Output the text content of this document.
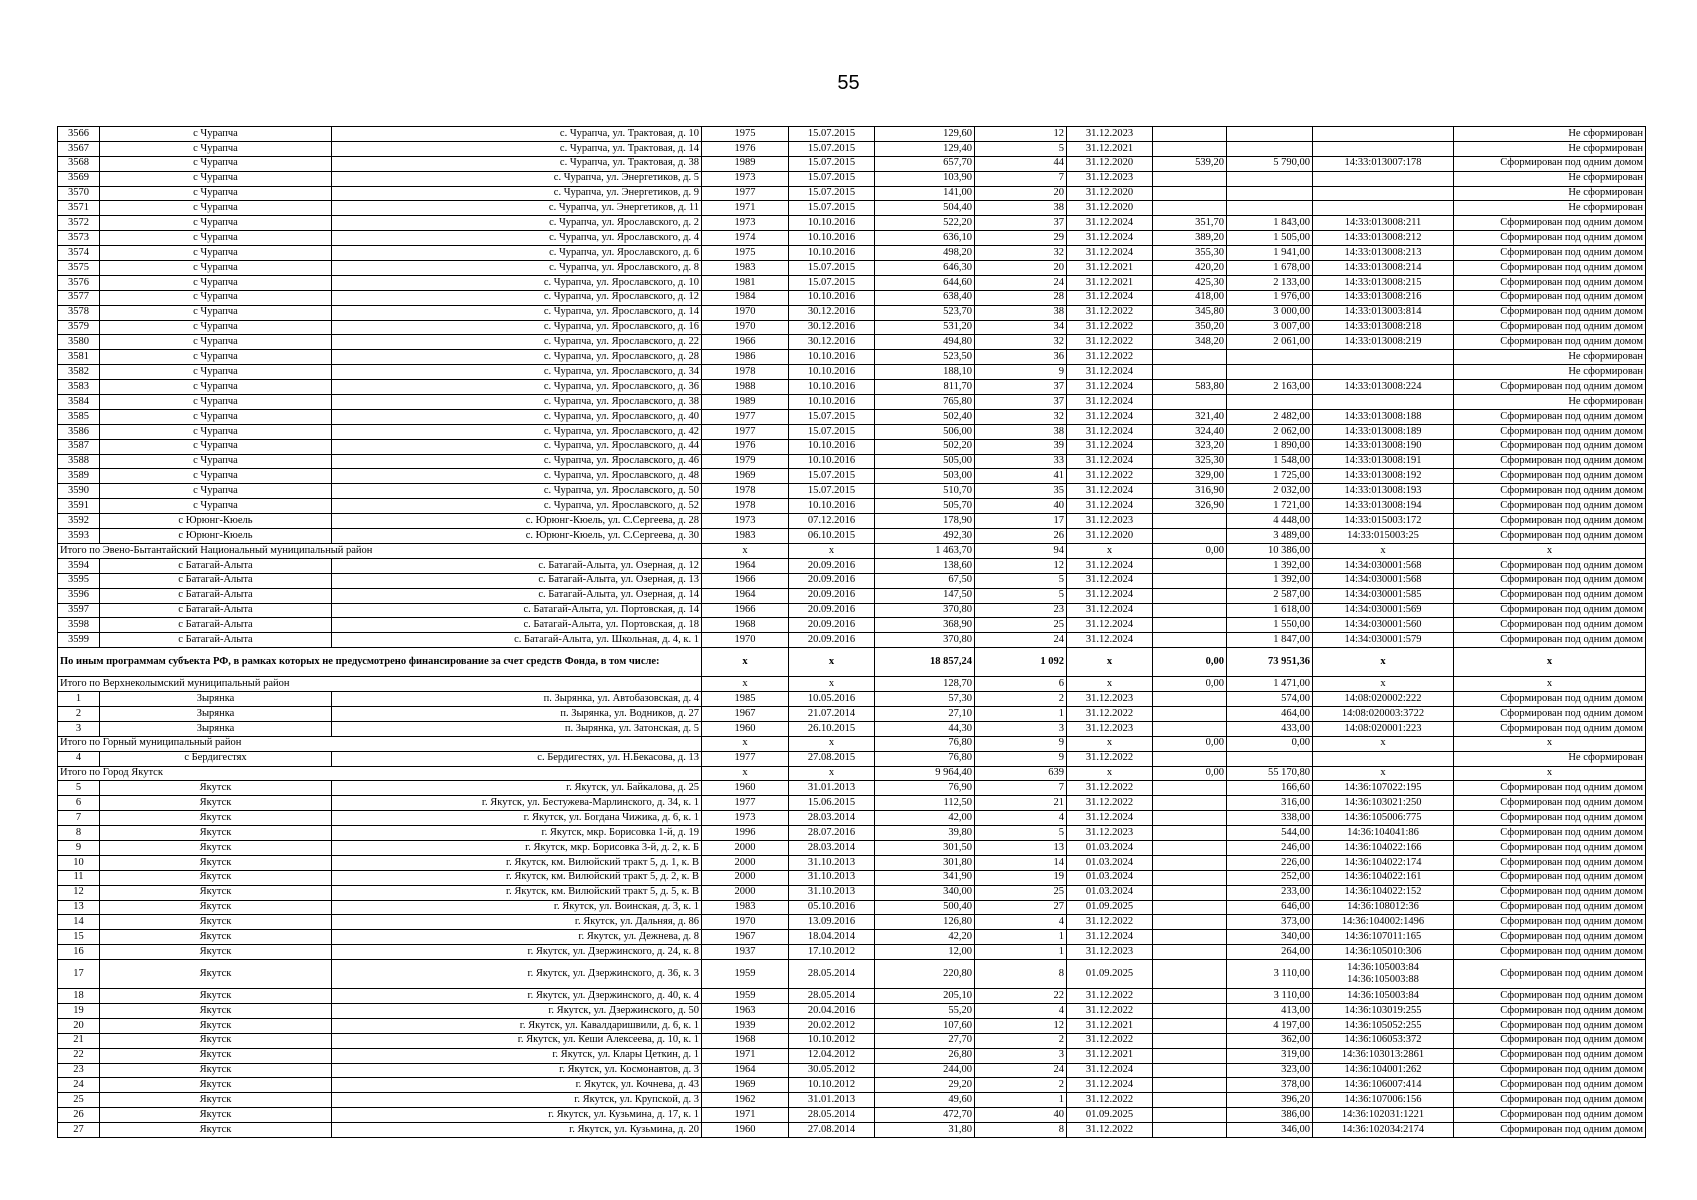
55
3566	с Чурапча	с. Чурапча, ул. Трактовая, д. 10	1975	15.07.2015	129,60	12	31.12.2023				Не сформирован
3567	с Чурапча	с. Чурапча, ул. Трактовая, д. 14	1976	15.07.2015	129,40	5	31.12.2021				Не сформирован
3568	с Чурапча	с. Чурапча, ул. Трактовая, д. 38	1989	15.07.2015	657,70	44	31.12.2020	539,20	5 790,00	14:33:013007:178	Сформирован под одним домом
3569	с Чурапча	с. Чурапча, ул. Энергетиков, д. 5	1973	15.07.2015	103,90	7	31.12.2023				Не сформирован
3570	с Чурапча	с. Чурапча, ул. Энергетиков, д. 9	1977	15.07.2015	141,00	20	31.12.2020				Не сформирован
3571	с Чурапча	с. Чурапча, ул. Энергетиков, д. 11	1971	15.07.2015	504,40	38	31.12.2020				Не сформирован
3572	с Чурапча	с. Чурапча, ул. Ярославского, д. 2	1973	10.10.2016	522,20	37	31.12.2024	351,70	1 843,00	14:33:013008:211	Сформирован под одним домом
3573	с Чурапча	с. Чурапча, ул. Ярославского, д. 4	1974	10.10.2016	636,10	29	31.12.2024	389,20	1 505,00	14:33:013008:212	Сформирован под одним домом
3574	с Чурапча	с. Чурапча, ул. Ярославского, д. 6	1975	10.10.2016	498,20	32	31.12.2024	355,30	1 941,00	14:33:013008:213	Сформирован под одним домом
3575	с Чурапча	с. Чурапча, ул. Ярославского, д. 8	1983	15.07.2015	646,30	20	31.12.2021	420,20	1 678,00	14:33:013008:214	Сформирован под одним домом
3576	с Чурапча	с. Чурапча, ул. Ярославского, д. 10	1981	15.07.2015	644,60	24	31.12.2021	425,30	2 133,00	14:33:013008:215	Сформирован под одним домом
3577	с Чурапча	с. Чурапча, ул. Ярославского, д. 12	1984	10.10.2016	638,40	28	31.12.2024	418,00	1 976,00	14:33:013008:216	Сформирован под одним домом
3578	с Чурапча	с. Чурапча, ул. Ярославского, д. 14	1970	30.12.2016	523,70	38	31.12.2022	345,80	3 000,00	14:33:013003:814	Сформирован под одним домом
3579	с Чурапча	с. Чурапча, ул. Ярославского, д. 16	1970	30.12.2016	531,20	34	31.12.2022	350,20	3 007,00	14:33:013008:218	Сформирован под одним домом
3580	с Чурапча	с. Чурапча, ул. Ярославского, д. 22	1966	30.12.2016	494,80	32	31.12.2022	348,20	2 061,00	14:33:013008:219	Сформирован под одним домом
3581	с Чурапча	с. Чурапча, ул. Ярославского, д. 28	1986	10.10.2016	523,50	36	31.12.2022				Не сформирован
3582	с Чурапча	с. Чурапча, ул. Ярославского, д. 34	1978	10.10.2016	188,10	9	31.12.2024				Не сформирован
3583	с Чурапча	с. Чурапча, ул. Ярославского, д. 36	1988	10.10.2016	811,70	37	31.12.2024	583,80	2 163,00	14:33:013008:224	Сформирован под одним домом
3584	с Чурапча	с. Чурапча, ул. Ярославского, д. 38	1989	10.10.2016	765,80	37	31.12.2024				Не сформирован
3585	с Чурапча	с. Чурапча, ул. Ярославского, д. 40	1977	15.07.2015	502,40	32	31.12.2024	321,40	2 482,00	14:33:013008:188	Сформирован под одним домом
3586	с Чурапча	с. Чурапча, ул. Ярославского, д. 42	1977	15.07.2015	506,00	38	31.12.2024	324,40	2 062,00	14:33:013008:189	Сформирован под одним домом
3587	с Чурапча	с. Чурапча, ул. Ярославского, д. 44	1976	10.10.2016	502,20	39	31.12.2024	323,20	1 890,00	14:33:013008:190	Сформирован под одним домом
3588	с Чурапча	с. Чурапча, ул. Ярославского, д. 46	1979	10.10.2016	505,00	33	31.12.2024	325,30	1 548,00	14:33:013008:191	Сформирован под одним домом
3589	с Чурапча	с. Чурапча, ул. Ярославского, д. 48	1969	15.07.2015	503,00	41	31.12.2022	329,00	1 725,00	14:33:013008:192	Сформирован под одним домом
3590	с Чурапча	с. Чурапча, ул. Ярославского, д. 50	1978	15.07.2015	510,70	35	31.12.2024	316,90	2 032,00	14:33:013008:193	Сформирован под одним домом
3591	с Чурапча	с. Чурапча, ул. Ярославского, д. 52	1978	10.10.2016	505,70	40	31.12.2024	326,90	1 721,00	14:33:013008:194	Сформирован под одним домом
3592	с Юрюнг-Кюель	с. Юрюнг-Кюель, ул. С.Сергеева, д. 28	1973	07.12.2016	178,90	17	31.12.2023		4 448,00	14:33:015003:172	Сформирован под одним домом
3593	с Юрюнг-Кюель	с. Юрюнг-Кюель, ул. С.Сергеева, д. 30	1983	06.10.2015	492,30	26	31.12.2020		3 489,00	14:33:015003:25	Сформирован под одним домом
Итого по Эвено-Бытантайский Национальный муниципальный район			x	x	1 463,70	94	x	0,00	10 386,00	x	x
3594	с Батагай-Алыта	с. Батагай-Алыта, ул. Озерная, д. 12	1964	20.09.2016	138,60	12	31.12.2024		1 392,00	14:34:030001:568	Сформирован под одним домом
3595	с Батагай-Алыта	с. Батагай-Алыта, ул. Озерная, д. 13	1966	20.09.2016	67,50	5	31.12.2024		1 392,00	14:34:030001:568	Сформирован под одним домом
3596	с Батагай-Алыта	с. Батагай-Алыта, ул. Озерная, д. 14	1964	20.09.2016	147,50	5	31.12.2024		2 587,00	14:34:030001:585	Сформирован под одним домом
3597	с Батагай-Алыта	с. Батагай-Алыта, ул. Портовская, д. 14	1966	20.09.2016	370,80	23	31.12.2024		1 618,00	14:34:030001:569	Сформирован под одним домом
3598	с Батагай-Алыта	с. Батагай-Алыта, ул. Портовская, д. 18	1968	20.09.2016	368,90	25	31.12.2024		1 550,00	14:34:030001:560	Сформирован под одним домом
3599	с Батагай-Алыта	с. Батагай-Алыта, ул. Школьная, д. 4, к. 1	1970	20.09.2016	370,80	24	31.12.2024		1 847,00	14:34:030001:579	Сформирован под одним домом
По иным программам субъекта РФ, в рамках которых не предусмотрено финансирование за счет средств Фонда, в том числе:			x	x	18 857,24	1 092	x	0,00	73 951,36	x	x
Итого по Верхнеколымский муниципальный район			x	x	128,70	6	x	0,00	1 471,00	x	x
1	Зырянка	п. Зырянка, ул. Автобазовская, д. 4	1985	10.05.2016	57,30	2	31.12.2023		574,00	14:08:020002:222	Сформирован под одним домом
2	Зырянка	п. Зырянка, ул. Водников, д. 27	1967	21.07.2014	27,10	1	31.12.2022		464,00	14:08:020003:3722	Сформирован под одним домом
3	Зырянка	п. Зырянка, ул. Затонская, д. 5	1960	26.10.2015	44,30	3	31.12.2023		433,00	14:08:020001:223	Сформирован под одним домом
Итого по Горный муниципальный район			x	x	76,80	9	x	0,00	0,00	x	x
4	с Бердигестях	с. Бердигестях, ул. Н.Бекасова, д. 13	1977	27.08.2015	76,80	9	31.12.2022				Не сформирован
Итого по Город Якутск			x	x	9 964,40	639	x	0,00	55 170,80	x	x
5	Якутск	г. Якутск, ул. Байкалова, д. 25	1960	31.01.2013	76,90	7	31.12.2022		166,60	14:36:107022:195	Сформирован под одним домом
6	Якутск	г. Якутск, ул. Бестужева-Марлинского, д. 34, к. 1	1977	15.06.2015	112,50	21	31.12.2022		316,00	14:36:103021:250	Сформирован под одним домом
7	Якутск	г. Якутск, ул. Богдана Чижика, д. 6, к. 1	1973	28.03.2014	42,00	4	31.12.2024		338,00	14:36:105006:775	Сформирован под одним домом
8	Якутск	г. Якутск, мкр. Борисовка 1-й, д. 19	1996	28.07.2016	39,80	5	31.12.2023		544,00	14:36:104041:86	Сформирован под одним домом
9	Якутск	г. Якутск, мкр. Борисовка 3-й, д. 2, к. Б	2000	28.03.2014	301,50	13	01.03.2024		246,00	14:36:104022:166	Сформирован под одним домом
10	Якутск	г. Якутск, км. Вилюйский тракт 5, д. 1, к. В	2000	31.10.2013	301,80	14	01.03.2024		226,00	14:36:104022:174	Сформирован под одним домом
11	Якутск	г. Якутск, км. Вилюйский тракт 5, д. 2, к. В	2000	31.10.2013	341,90	19	01.03.2024		252,00	14:36:104022:161	Сформирован под одним домом
12	Якутск	г. Якутск, км. Вилюйский тракт 5, д. 5, к. В	2000	31.10.2013	340,00	25	01.03.2024		233,00	14:36:104022:152	Сформирован под одним домом
13	Якутск	г. Якутск, ул. Воинская, д. 3, к. 1	1983	05.10.2016	500,40	27	01.09.2025		646,00	14:36:108012:36	Сформирован под одним домом
14	Якутск	г. Якутск, ул. Дальняя, д. 86	1970	13.09.2016	126,80	4	31.12.2022		373,00	14:36:104002:1496	Сформирован под одним домом
15	Якутск	г. Якутск, ул. Дежнева, д. 8	1967	18.04.2014	42,20	1	31.12.2024		340,00	14:36:107011:165	Сформирован под одним домом
16	Якутск	г. Якутск, ул. Дзержинского, д. 24, к. 8	1937	17.10.2012	12,00	1	31.12.2023		264,00	14:36:105010:306	Сформирован под одним домом
17	Якутск	г. Якутск, ул. Дзержинского, д. 36, к. 3	1959	28.05.2014	220,80	8	01.09.2025		3 110,00	14:36:105003:84
14:36:105003:88	Сформирован под одним домом
18	Якутск	г. Якутск, ул. Дзержинского, д. 40, к. 4	1959	28.05.2014	205,10	22	31.12.2022		3 110,00	14:36:105003:84	Сформирован под одним домом
19	Якутск	г. Якутск, ул. Дзержинского, д. 50	1963	20.04.2016	55,20	4	31.12.2022		413,00	14:36:103019:255	Сформирован под одним домом
20	Якутск	г. Якутск, ул. Кавалдаришвили, д. 6, к. 1	1939	20.02.2012	107,60	12	31.12.2021		4 197,00	14:36:105052:255	Сформирован под одним домом
21	Якутск	г. Якутск, ул. Кеши Алексеева, д. 10, к. 1	1968	10.10.2012	27,70	2	31.12.2022		362,00	14:36:106053:372	Сформирован под одним домом
22	Якутск	г. Якутск, ул. Клары Цеткин, д. 1	1971	12.04.2012	26,80	3	31.12.2021		319,00	14:36:103013:2861	Сформирован под одним домом
23	Якутск	г. Якутск, ул. Космонавтов, д. 3	1964	30.05.2012	244,00	24	31.12.2024		323,00	14:36:104001:262	Сформирован под одним домом
24	Якутск	г. Якутск, ул. Кочнева, д. 43	1969	10.10.2012	29,20	2	31.12.2024		378,00	14:36:106007:414	Сформирован под одним домом
25	Якутск	г. Якутск, ул. Крупской, д. 3	1962	31.01.2013	49,60	1	31.12.2022		396,20	14:36:107006:156	Сформирован под одним домом
26	Якутск	г. Якутск, ул. Кузьмина, д. 17, к. 1	1971	28.05.2014	472,70	40	01.09.2025		386,00	14:36:102031:1221	Сформирован под одним домом
27	Якутск	г. Якутск, ул. Кузьмина, д. 20	1960	27.08.2014	31,80	8	31.12.2022		346,00	14:36:102034:2174	Сформирован под одним домом
